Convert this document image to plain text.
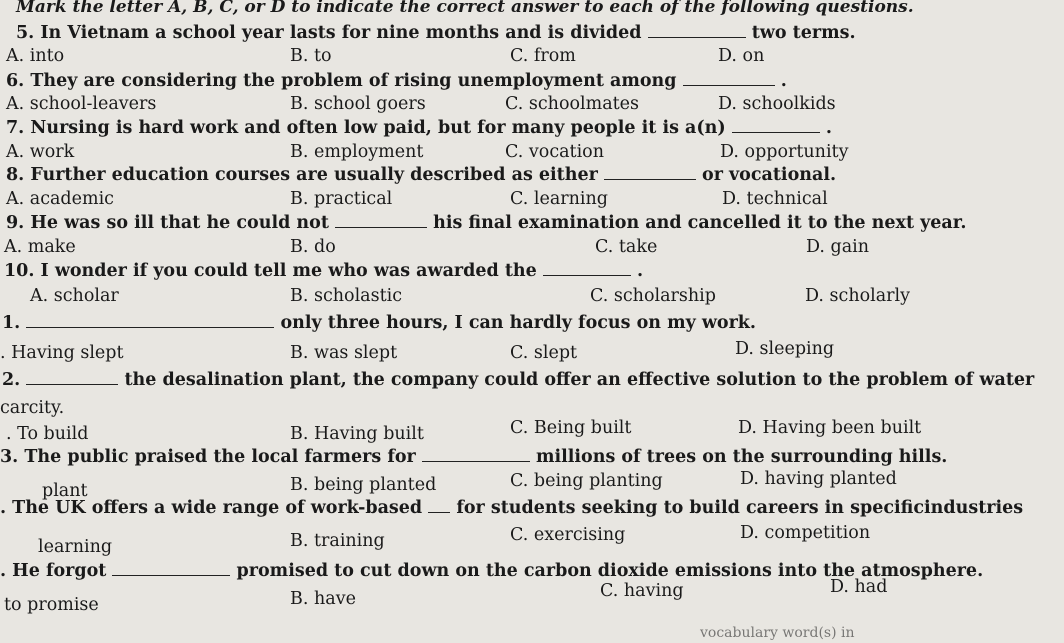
Mark the letter A, B, C, or D to indicate the correct answer to each of the following questions.
5. In Vietnam a school year lasts for nine months and is divided	two terms.
A. into	B. to	C. from	D. on
6. They are considering the problem of rising unemployment among	.
A. school-leavers	B. school goers	C. schoolmates	D. schoolkids
7. Nursing is hard work and often low paid, but for many people it is a(n)	.
A. work	B. employment	C. vocation	D. opportunity
8. Further education courses are usually described as either	or vocational.
A. academic	B. practical	C. learning	D. technical
9. He was so ill that he could not	his final examination and cancelled it to the next year.
A. make	B. do	C. take	D. gain
10. I wonder if you could tell me who was awarded the	.
A. scholar	B. scholastic	C. scholarship	D. scholarly
1.	only three hours, I can hardly focus on my work.
. Having slept	B. was slept	C. slept	D. sleeping
2.	the desalination plant, the company could offer an effective solution to the problem of water
carcity.
. To build	B. Having built	C. Being built	D. Having been built
3. The public praised the local farmers for	millions of trees on the surrounding hills.
plant	B. being planted	C. being planting	D. having planted
. The UK offers a wide range of work-based for students seeking to build careers in specificindustries
learning	B. training	C. exercising	D. competition
. He forgot	promised to cut down on the carbon dioxide emissions into the atmosphere.
to promise	B. have	C. having	D. had
vocabulary word(s) in
